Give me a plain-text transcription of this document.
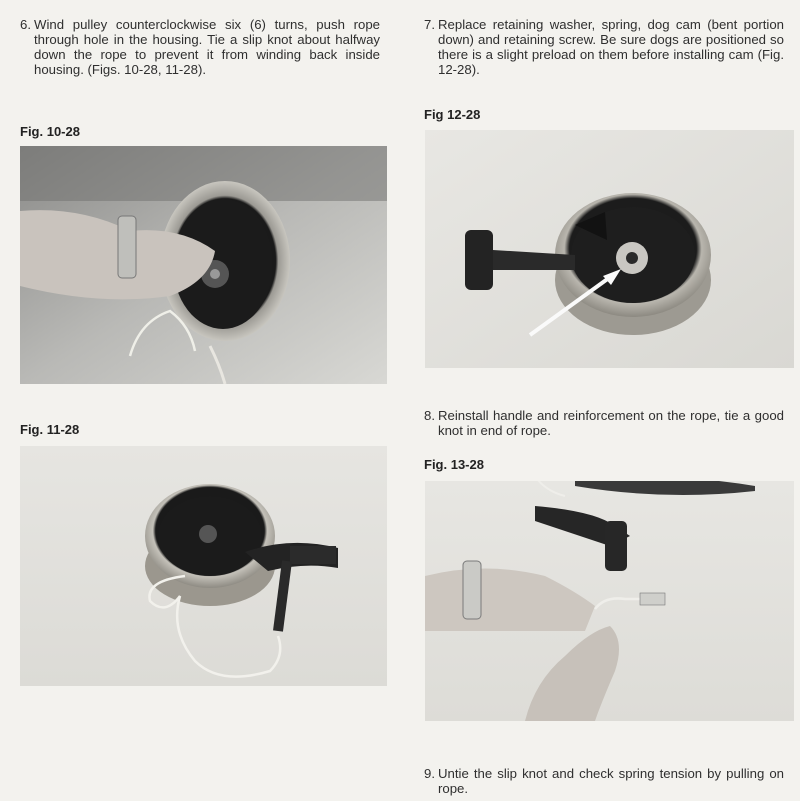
6. Wind pulley counterclockwise six (6) turns, push rope through hole in the housing. Tie a slip knot about halfway down the rope to prevent it from winding back inside housing. (Figs. 10-28, 11-28).
7. Replace retaining washer, spring, dog cam (bent portion down) and retaining screw. Be sure dogs are positioned so there is a slight preload on them before installing cam (Fig. 12-28).
Fig. 10-28
Fig 12-28
Fig. 11-28
8. Reinstall handle and reinforcement on the rope, tie a good knot in end of rope.
Fig. 13-28
9. Untie the slip knot and check spring tension by pulling on rope.
